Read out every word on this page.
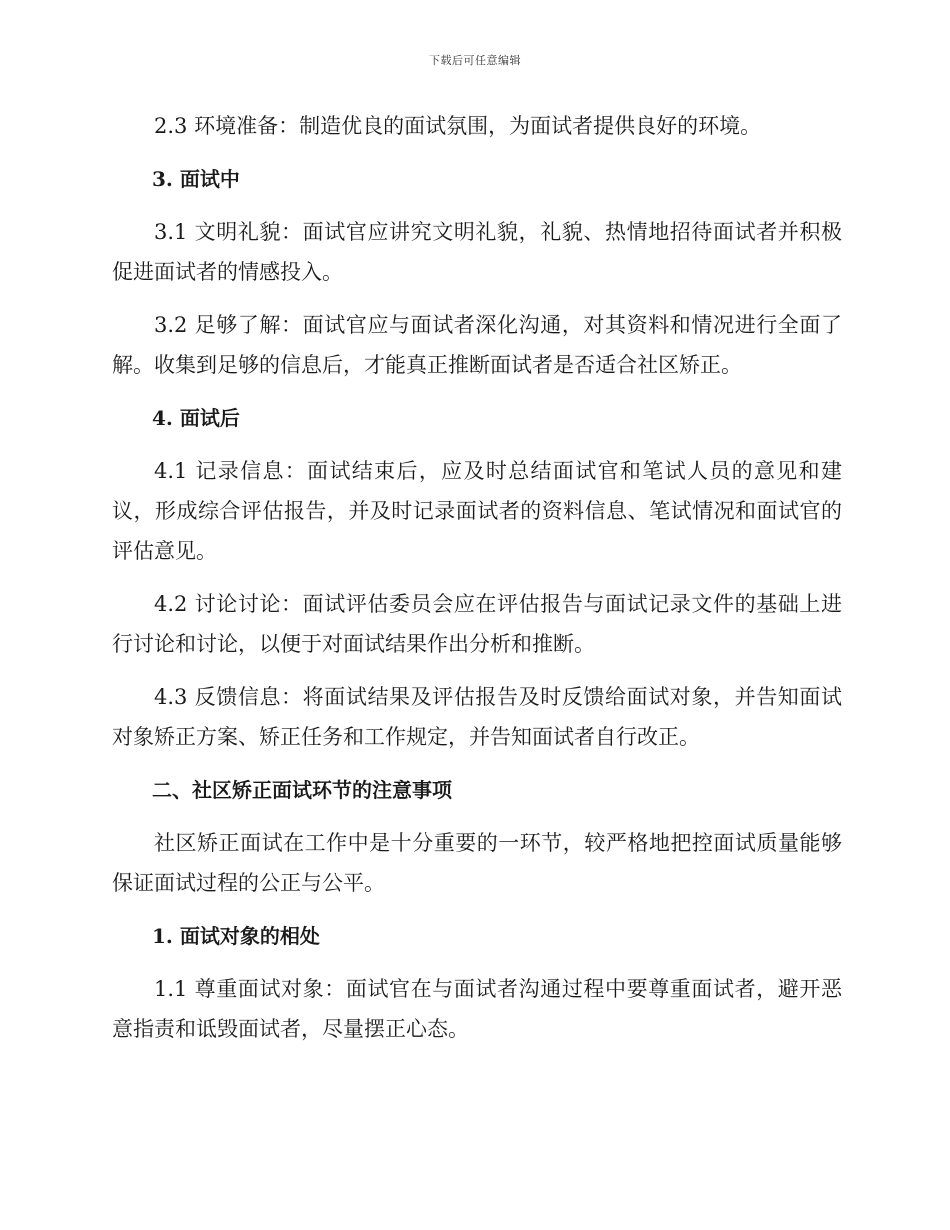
下载后可任意编辑

2.3 环境准备：制造优良的面试氛围，为面试者提供良好的环境。

3. 面试中

3.1 文明礼貌：面试官应讲究文明礼貌，礼貌、热情地招待面试者并积极促进面试者的情感投入。

3.2 足够了解：面试官应与面试者深化沟通，对其资料和情况进行全面了解。收集到足够的信息后，才能真正推断面试者是否适合社区矫正。

4. 面试后

4.1 记录信息：面试结束后，应及时总结面试官和笔试人员的意见和建议，形成综合评估报告，并及时记录面试者的资料信息、笔试情况和面试官的评估意见。

4.2 讨论讨论：面试评估委员会应在评估报告与面试记录文件的基础上进行讨论和讨论，以便于对面试结果作出分析和推断。

4.3 反馈信息：将面试结果及评估报告及时反馈给面试对象，并告知面试对象矫正方案、矫正任务和工作规定，并告知面试者自行改正。

二、社区矫正面试环节的注意事项

社区矫正面试在工作中是十分重要的一环节，较严格地把控面试质量能够保证面试过程的公正与公平。

1. 面试对象的相处

1.1 尊重面试对象：面试官在与面试者沟通过程中要尊重面试者，避开恶意指责和诋毁面试者，尽量摆正心态。
